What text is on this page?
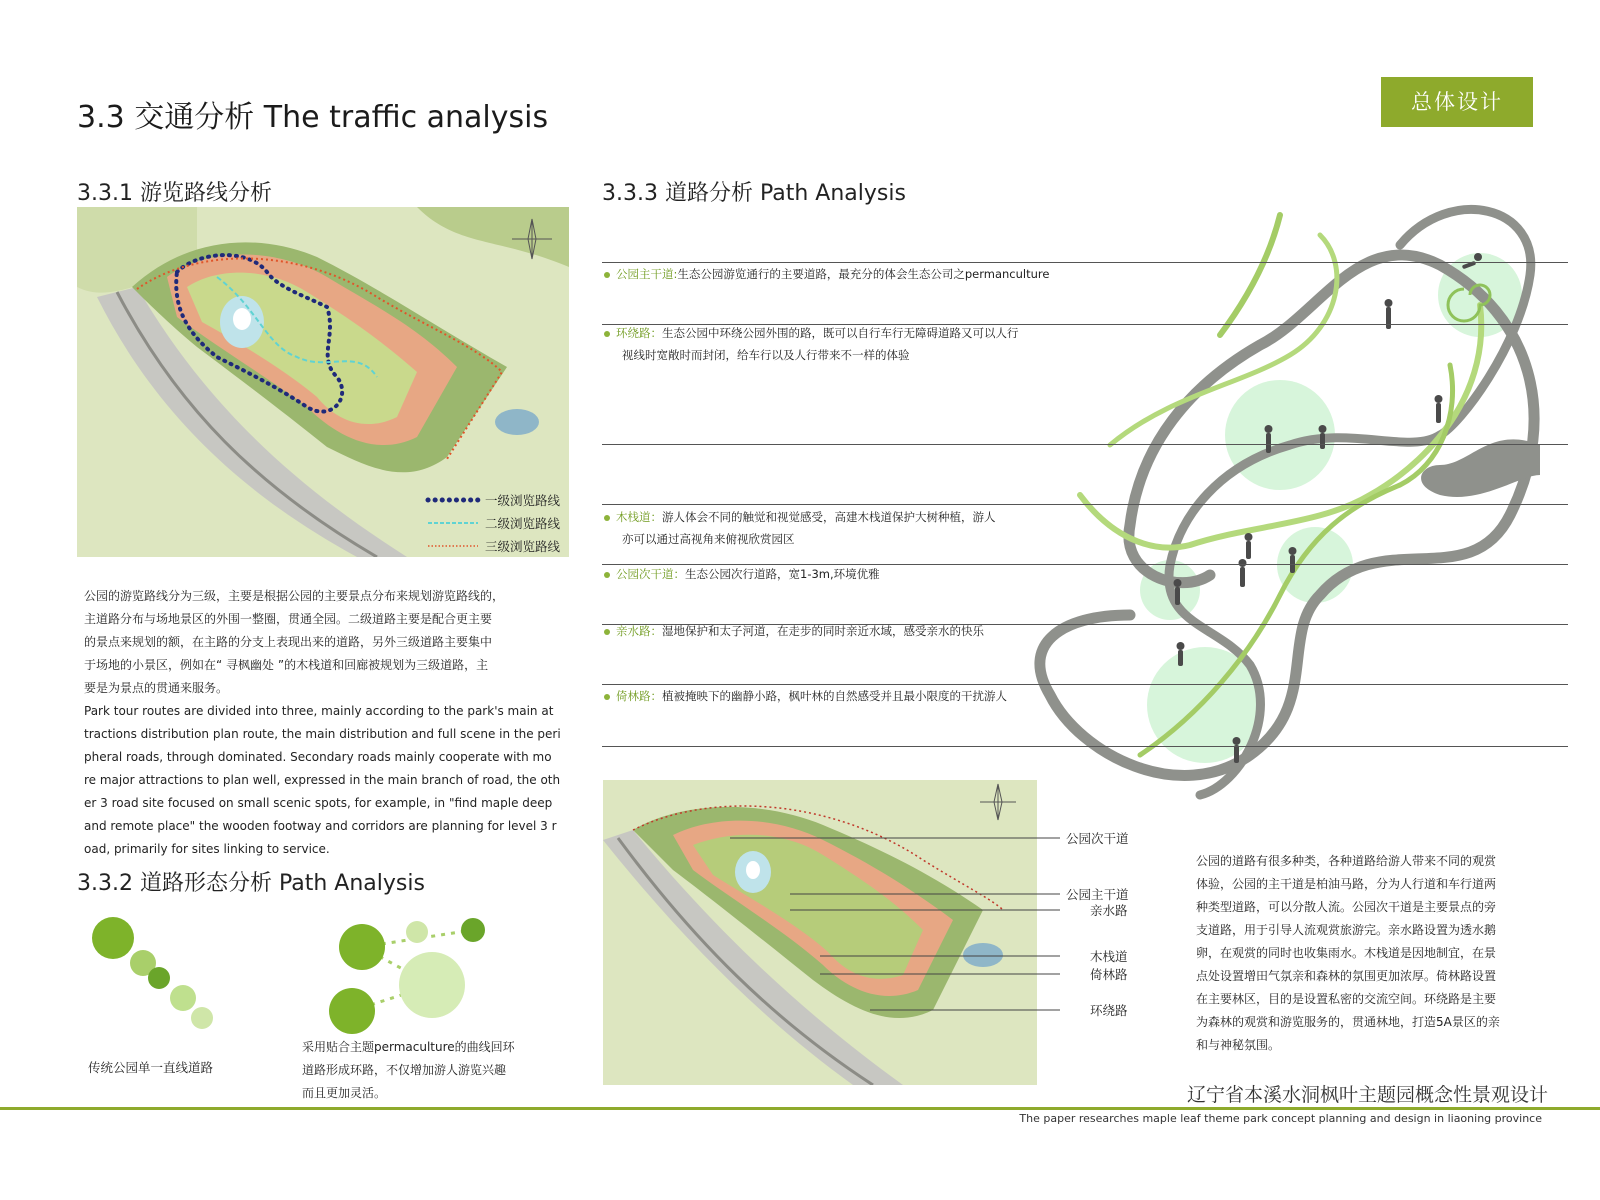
3.3 交通分析 The traffic analysis	总体设计
3.3.1 游览路线分析
一级浏览路线
二级浏览路线
三级浏览路线

公园的游览路线分为三级，主要是根据公园的主要景点分布来规划游览路线的，

主道路分布与场地景区的外围一整圈，贯通全园。二级道路主要是配合更主要

的景点来规划的额，在主路的分支上表现出来的道路，另外三级道路主要集中

于场地的小景区，例如在“ 寻枫幽处 ”的木栈道和回廊被规划为三级道路，主

要是为景点的贯通来服务。

Park tour routes are divided into three, mainly according to the park's main at

tractions distribution plan route, the main distribution and full scene in the peri

pheral roads, through dominated. Secondary roads mainly cooperate with mo

re major attractions to plan well, expressed in the main branch of road, the oth

er 3 road site focused on small scenic spots, for example, in "find maple deep

and remote place" the wooden footway and corridors are planning for level 3 r

oad, primarily for sites linking to service.

3.3.2 道路形态分析 Path Analysis
传统公园单一直线道路

采用贴合主题permaculture的曲线回环

道路形成环路，不仅增加游人游览兴趣

而且更加灵活。

3.3.3 道路分析 Path Analysis
公园主干道:生态公园游览通行的主要道路，最充分的体会生态公司之permanculture
环绕路：生态公园中环绕公园外围的路，既可以自行车行无障碍道路又可以人行
视线时宽敞时而封闭，给车行以及人行带来不一样的体验
木栈道：游人体会不同的触觉和视觉感受，高建木栈道保护大树种植，游人
亦可以通过高视角来俯视欣赏园区
公园次干道：生态公园次行道路，宽1-3m,环境优雅
亲水路：湿地保护和太子河道，在走步的同时亲近水域，感受亲水的快乐
倚林路：植被掩映下的幽静小路，枫叶林的自然感受并且最小限度的干扰游人
公园次干道
公园主干道
亲水路
木栈道
倚林路
环绕路

公园的道路有很多种类，各种道路给游人带来不同的观赏

体验，公园的主干道是柏油马路，分为人行道和车行道两

种类型道路，可以分散人流。公园次干道是主要景点的旁

支道路，用于引导人流观赏旅游完。亲水路设置为透水鹅

卵，在观赏的同时也收集雨水。木栈道是因地制宜，在景

点处设置增田气氛亲和森林的氛围更加浓厚。倚林路设置

在主要林区，目的是设置私密的交流空间。环绕路是主要

为森林的观赏和游览服务的，贯通林地，打造5A景区的亲

和与神秘氛围。

辽宁省本溪水洞枫叶主题园概念性景观设计
The paper researches maple leaf theme park concept planning and design in liaoning province
